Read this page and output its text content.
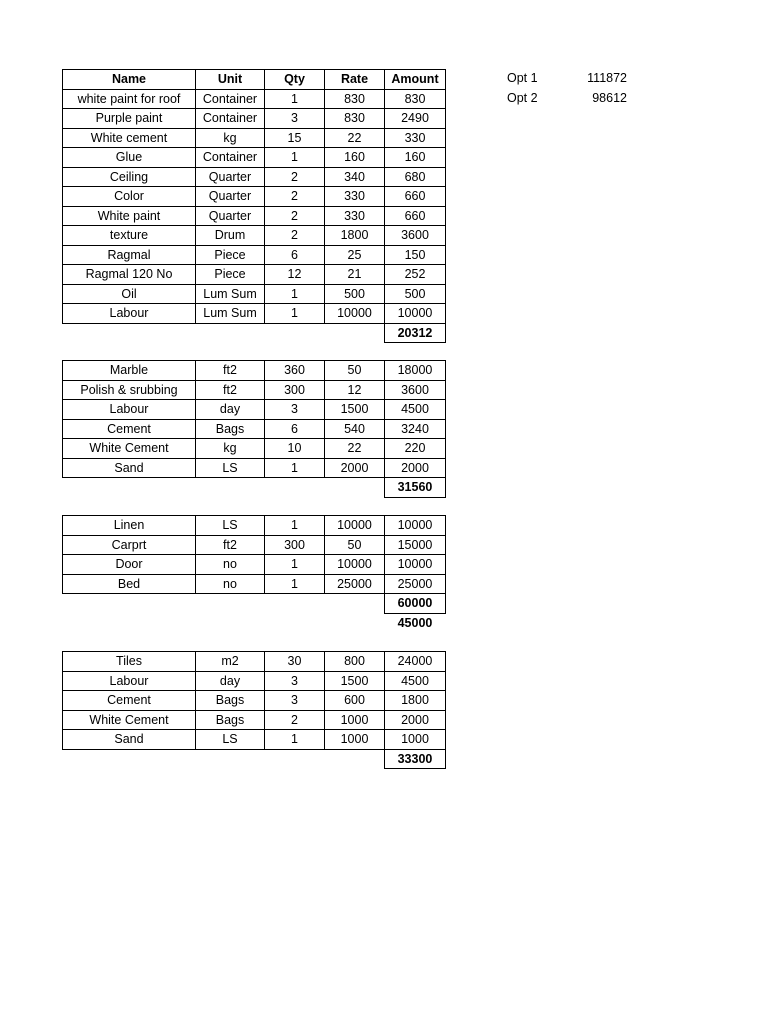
Name	Unit	Qty	Rate	Amount
white paint for roof	Container	1	830	830
Purple paint	Container	3	830	2490
White cement	kg	15	22	330
Glue	Container	1	160	160
Ceiling	Quarter	2	340	680
Color	Quarter	2	330	660
White paint	Quarter	2	330	660
texture	Drum	2	1800	3600
Ragmal	Piece	6	25	150
Ragmal 120 No	Piece	12	21	252
Oil	Lum Sum	1	500	500
Labour	Lum Sum	1	10000	10000
				20312
Opt 1	111872
Opt 2	98612
Marble	ft2	360	50	18000
Polish & srubbing	ft2	300	12	3600
Labour	day	3	1500	4500
Cement	Bags	6	540	3240
White Cement	kg	10	22	220
Sand	LS	1	2000	2000
				31560
Linen	LS	1	10000	10000
Carprt	ft2	300	50	15000
Door	no	1	10000	10000
Bed	no	1	25000	25000
				60000
				45000
Tiles	m2	30	800	24000
Labour	day	3	1500	4500
Cement	Bags	3	600	1800
White Cement	Bags	2	1000	2000
Sand	LS	1	1000	1000
				33300
